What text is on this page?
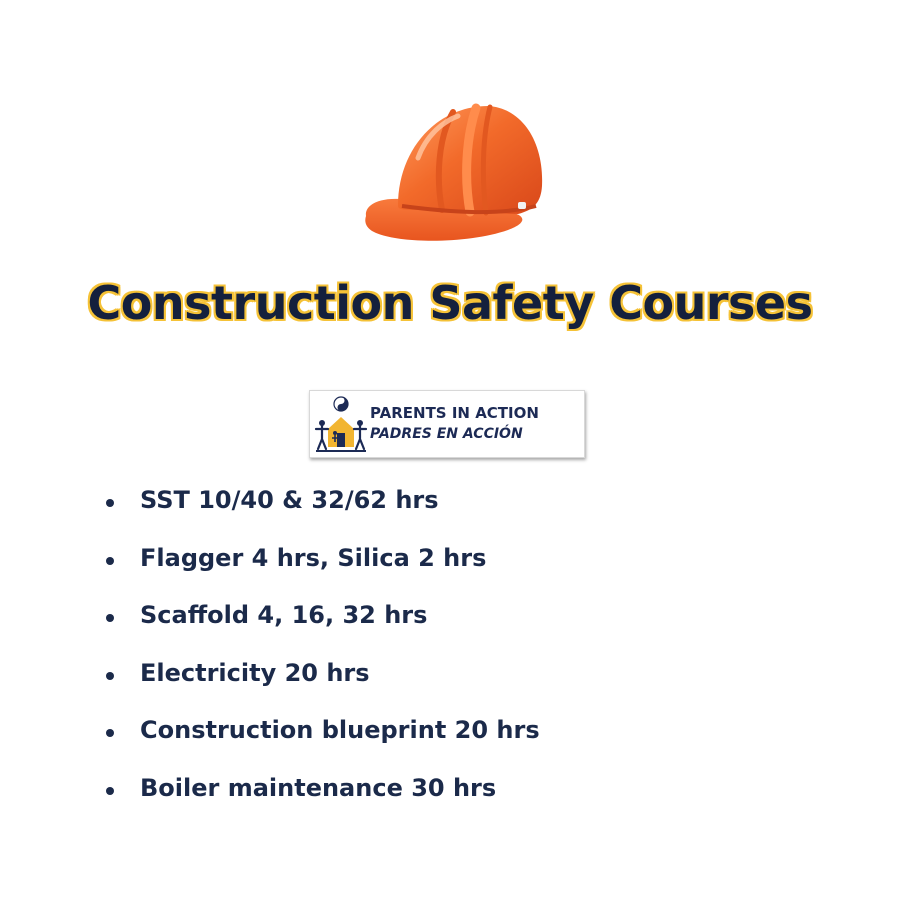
Construction Safety Courses
PARENTS IN ACTION
PADRES EN ACCIÓN
SST 10/40 & 32/62 hrs
Flagger 4 hrs, Silica 2 hrs
Scaffold 4, 16, 32 hrs
Electricity 20 hrs
Construction blueprint 20 hrs
Boiler maintenance 30 hrs
